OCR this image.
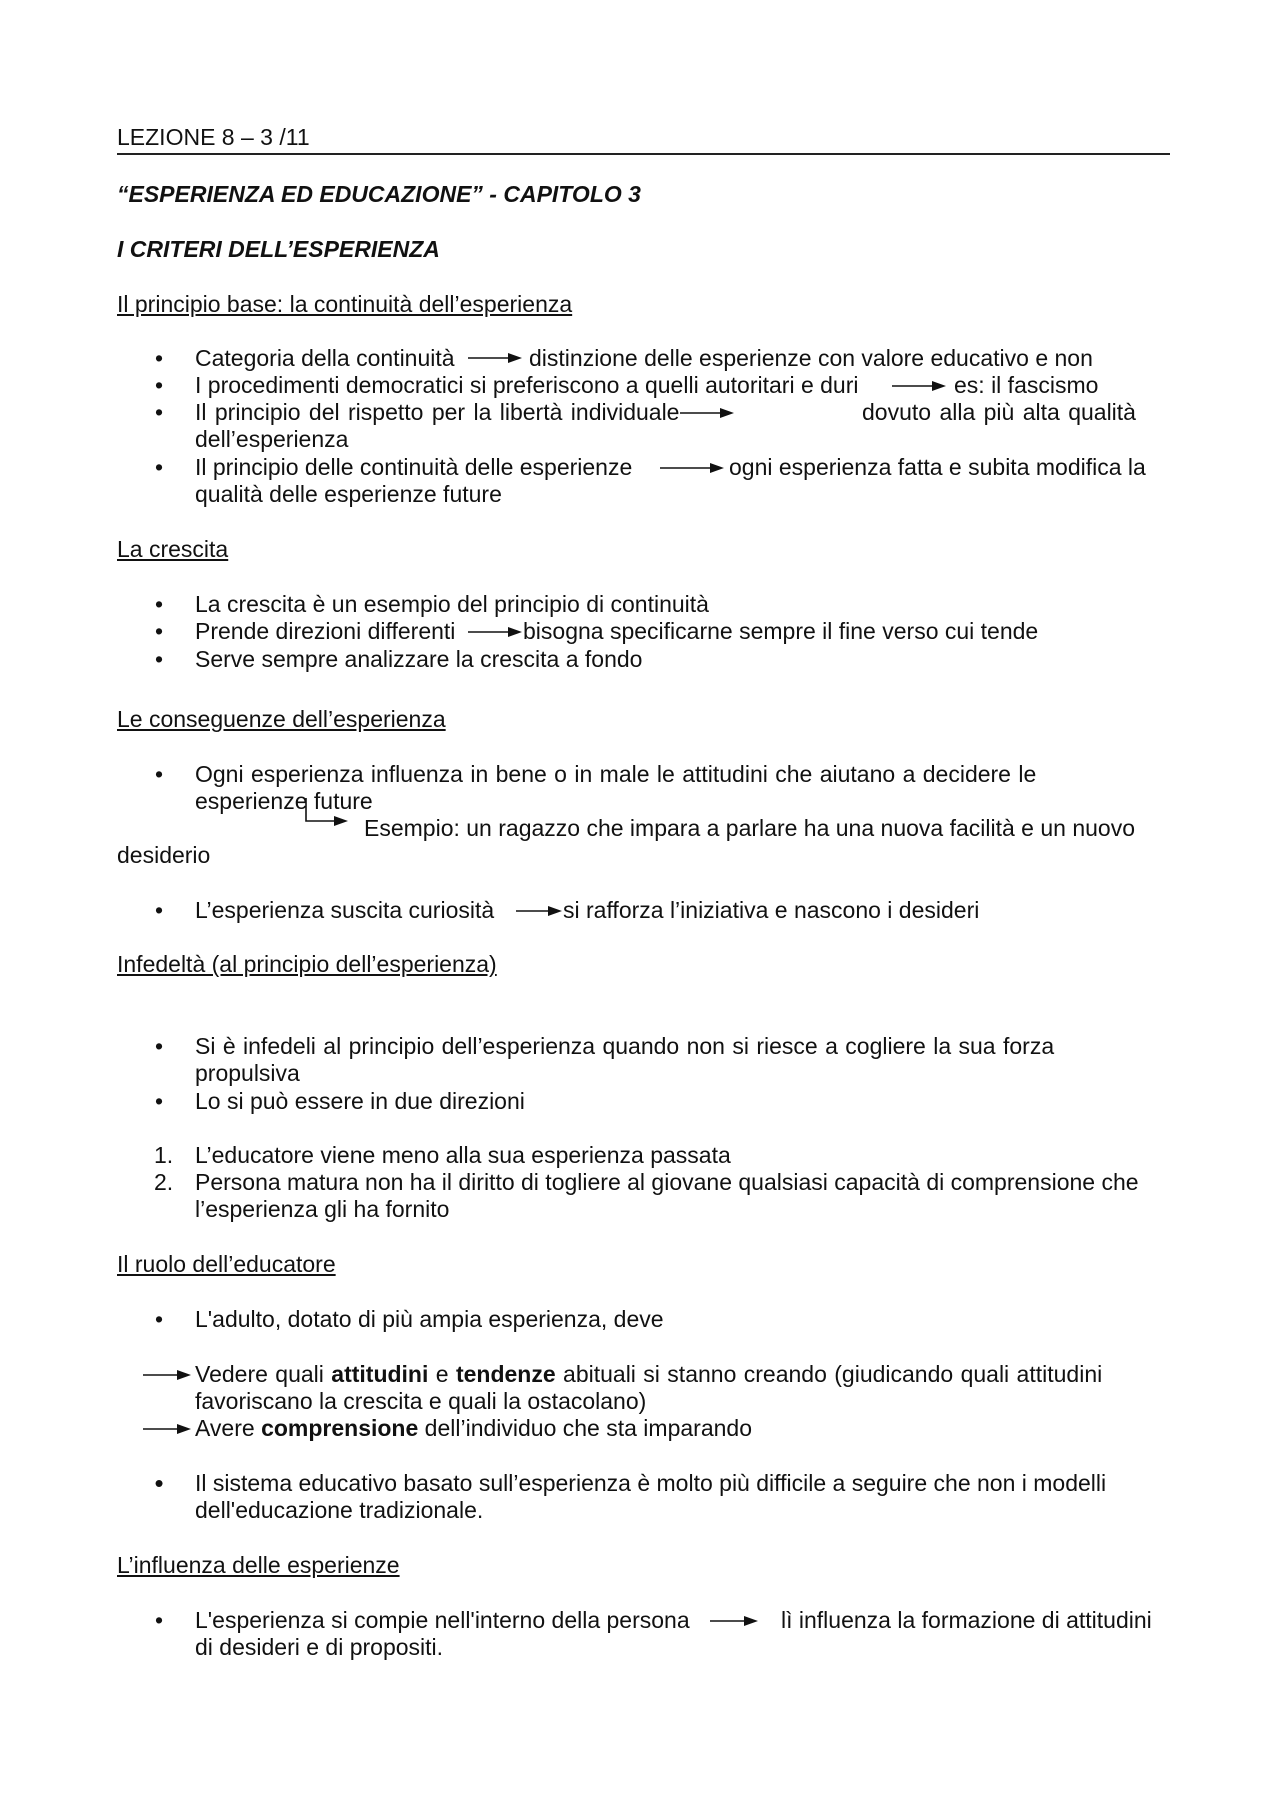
LEZIONE 8 – 3 /11
“ESPERIENZA ED EDUCAZIONE” - CAPITOLO 3
I CRITERI DELL’ESPERIENZA
Il principio base: la continuità dell’esperienza
• Categoria della continuità	distinzione delle esperienze con valore educativo e non
• I procedimenti democratici si preferiscono a quelli autoritari e duri	es: il fascismo
• Il principio del rispetto per la libertà individuale	dovuto alla più alta qualità
dell’esperienza
• Il principio delle continuità delle esperienze	ogni esperienza fatta e subita modifica la
qualità delle esperienze future
La crescita
• La crescita è un esempio del principio di continuità
• Prende direzioni differenti	bisogna specificarne sempre il fine verso cui tende
• Serve sempre analizzare la crescita a fondo
Le conseguenze dell’esperienza
• Ogni esperienza influenza in bene o in male le attitudini che aiutano a decidere le
esperienze future
Esempio: un ragazzo che impara a parlare ha una nuova facilità e un nuovo
desiderio
• L’esperienza suscita curiosità	si rafforza l’iniziativa e nascono i desideri
Infedeltà (al principio dell’esperienza)
• Si è infedeli al principio dell’esperienza quando non si riesce a cogliere la sua forza
propulsiva
• Lo si può essere in due direzioni
1. L’educatore viene meno alla sua esperienza passata
2. Persona matura non ha il diritto di togliere al giovane qualsiasi capacità di comprensione che
l’esperienza gli ha fornito
Il ruolo dell’educatore
• L'adulto, dotato di più ampia esperienza, deve
Vedere quali attitudini e tendenze abituali si stanno creando (giudicando quali attitudini
favoriscano la crescita e quali la ostacolano)
Avere comprensione dell’individuo che sta imparando
• Il sistema educativo basato sull’esperienza è molto più difficile a seguire che non i modelli
dell'educazione tradizionale.
L’influenza delle esperienze
• L'esperienza si compie nell'interno della persona	lì influenza la formazione di attitudini
di desideri e di propositi.
